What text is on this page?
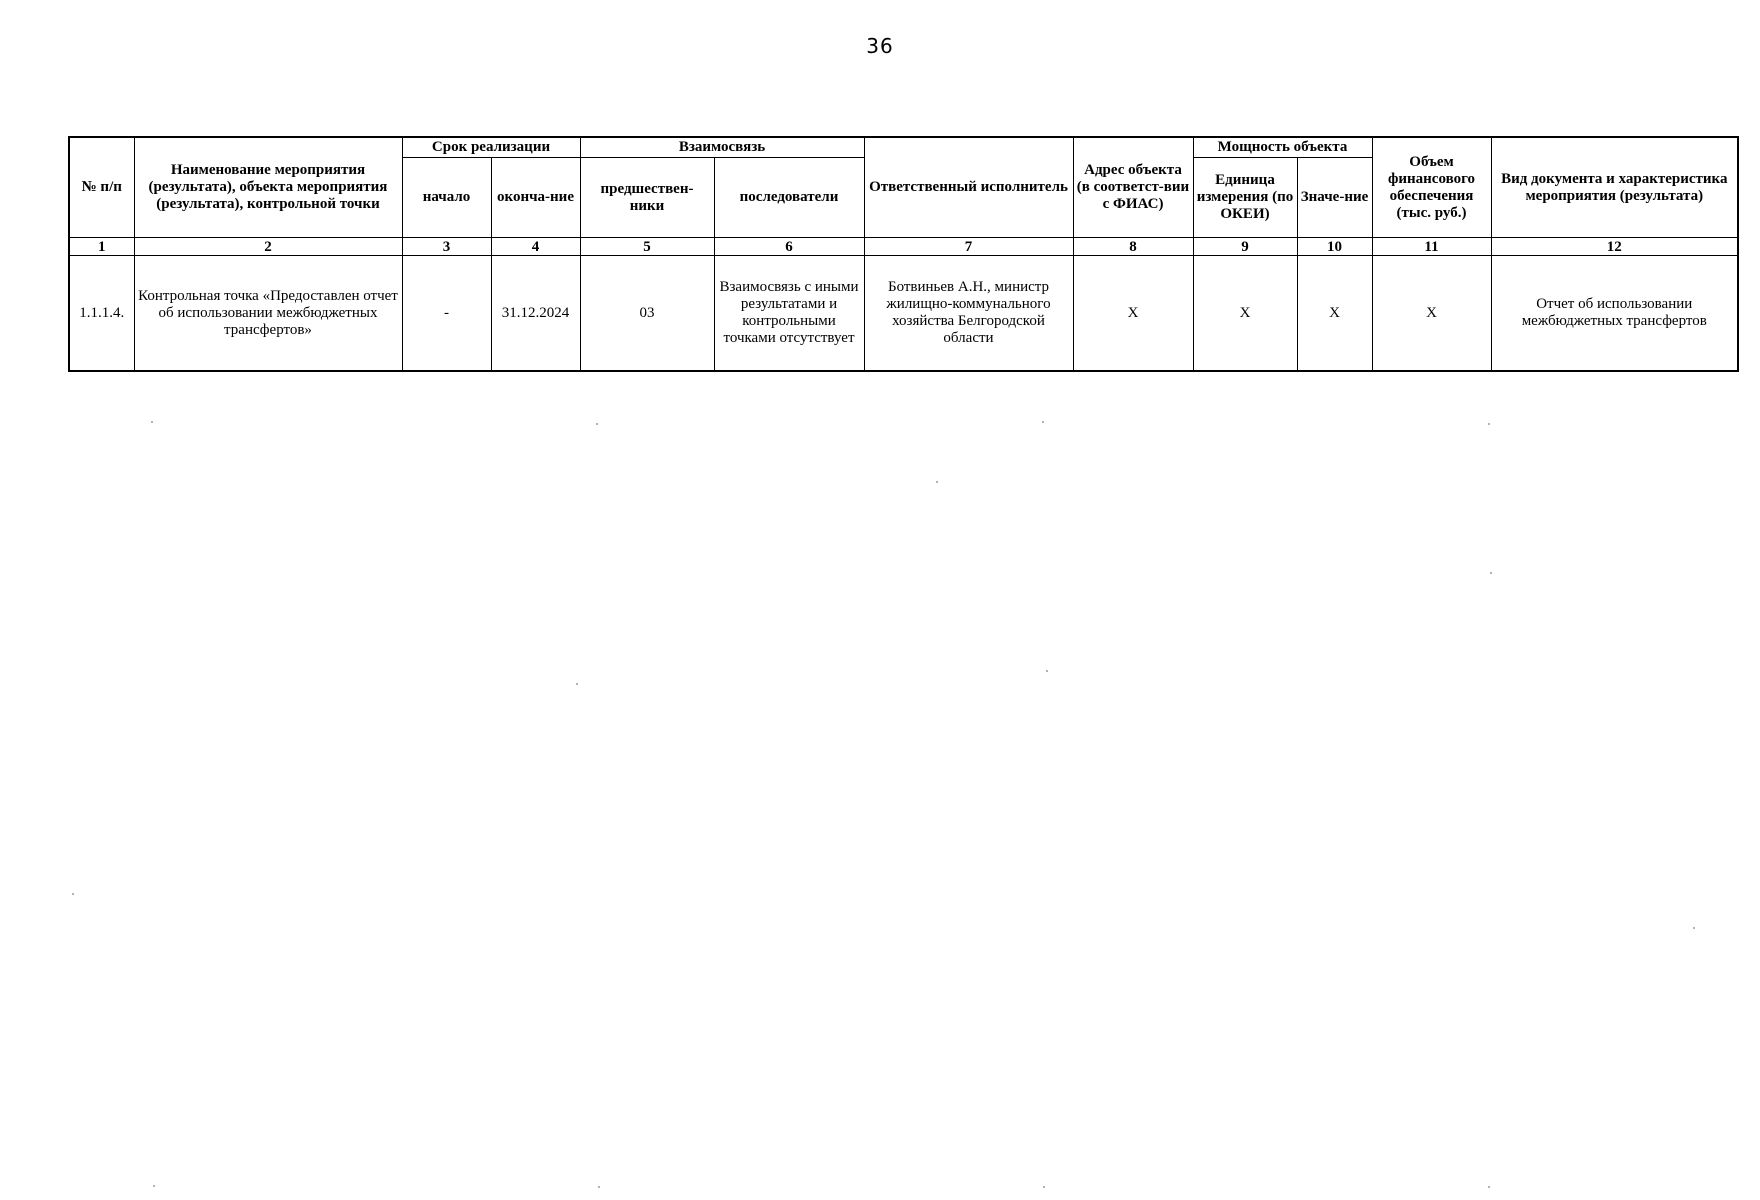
36
№ п/п	Наименование мероприятия (результата), объекта мероприятия (результата), контрольной точки	Срок реализации		Взаимосвязь		Ответственный исполнитель	Адрес объекта (в соответст-вии с ФИАС)	Мощность объекта		Объем финансового обеспечения (тыс. руб.)	Вид документа и характеристика мероприятия (результата)
		начало	оконча-ние	предшествен-ники	последователи			Единица измерения (по ОКЕИ)	Значе-ние		
1	2	3	4	5	6	7	8	9	10	11	12
1.1.1.4.	Контрольная точка «Предоставлен отчет об использовании межбюджетных трансфертов»	-	31.12.2024	03	Взаимосвязь с иными результатами и контрольными точками отсутствует	Ботвиньев А.Н., министр жилищно-коммунального хозяйства Белгородской области	X	X	X	X	Отчет об использовании межбюджетных трансфертов
